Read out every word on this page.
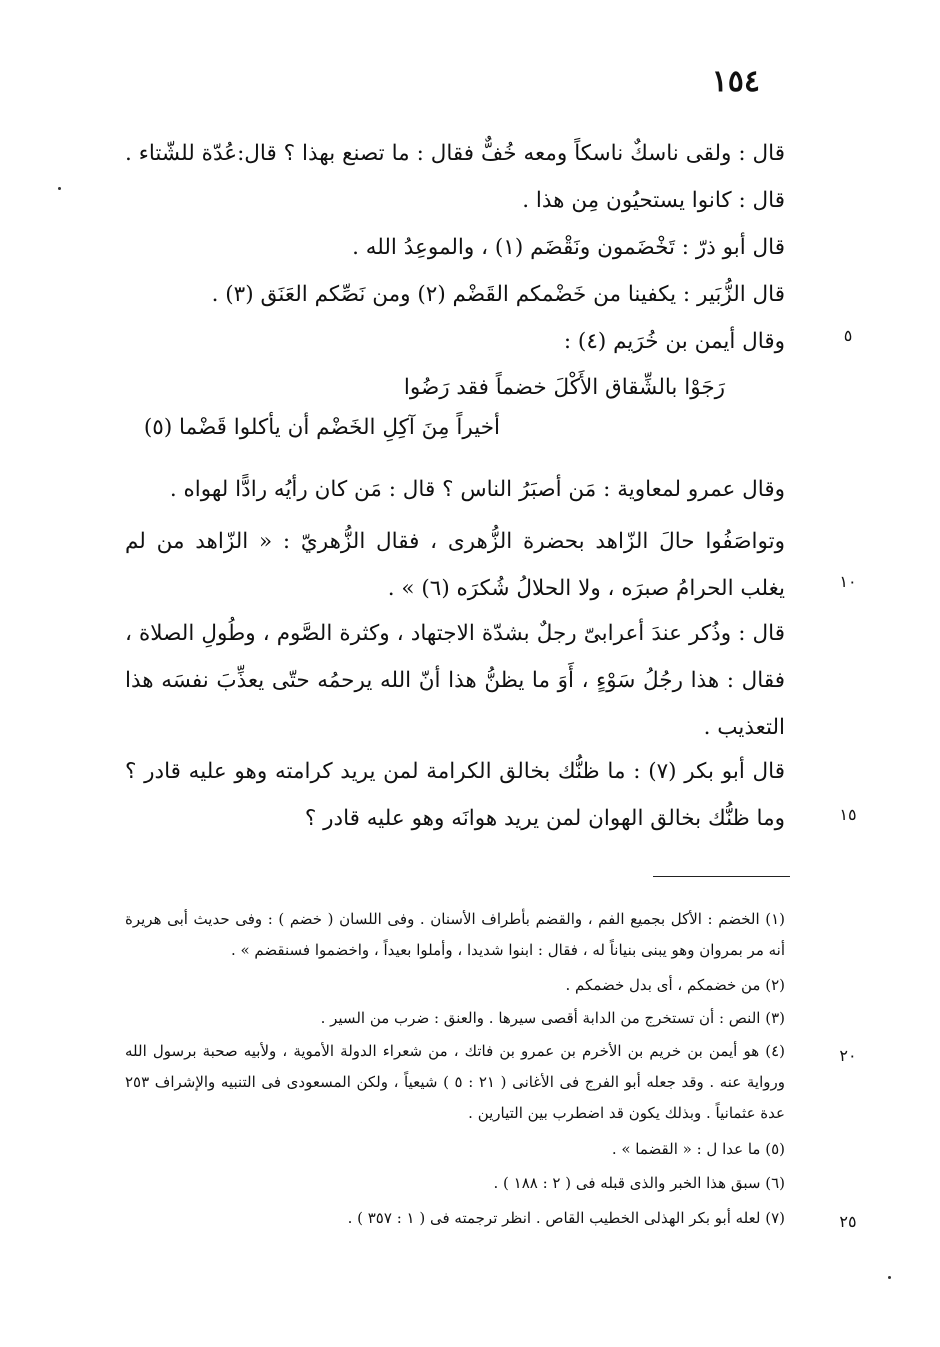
١٥٤

قال : ولقى ناسكٌ ناسكاً ومعه خُفٌّ فقال : ما تصنع بهذا ؟ قال:عُدّة للشّتاء . قال : كانوا يستحيُون مِن هذا .

قال أبو ذرّ : تَخْضَمون ونَقْضَم (١) ، والموعِدُ الله .

قال الزُّبَير : يكفينا من خَضْمكم القَضْم (٢) ومن نَصِّكم العَنَق (٣) .

وقال أيمن بن خُرَيم (٤) :

رَجَوْا بالشِّقاق الأَكْلَ خضماً فقد رَضُوا
أخيراً مِنَ آكِلِ الخَضْم أن يأكلوا قَضْما (٥)

وقال عمرو لمعاوية : مَن أصبَرُ الناس ؟ قال : مَن كان رأيُه رادًّا لهواه .

وتواصَفُوا حالَ الزّاهد بحضرة الزُّهرى ، فقال الزُّهريّ : « الزّاهد من لم يغلب الحرامُ صبرَه ، ولا الحلالُ شُكرَه (٦) » .

قال : وذُكر عندَ أعرابىّ رجلٌ بشدّة الاجتهاد ، وكثرة الصَّوم ، وطُولِ الصلاة ، فقال : هذا رجُلُ سَوْءٍ ، أَوَ ما يظنُّ هذا أنّ الله يرحمُه حتّى يعذِّبَ نفسَه هذا التعذيب .

قال أبو بكر (٧) : ما ظنُّك بخالق الكرامة لمن يريد كرامته وهو عليه قادر ؟ وما ظنُّك بخالق الهوان لمن يريد هوانَه وهو عليه قادر ؟

٥
١٠
١٥
٢٠
٢٥
(١) الخضم : الأكل بجميع الفم ، والقضم بأطراف الأسنان . وفى اللسان ( خضم ) : وفى حديث أبى هريرة أنه مر بمروان وهو يبنى بنياناً له ، فقال : ابنوا شديدا ، وأملوا بعيداً ، واخضموا فسنقضم » .
(٢) من خضمكم ، أى بدل خضمكم .
(٣) النص : أن تستخرج من الدابة أقصى سيرها . والعنق : ضرب من السير .
(٤) هو أيمن بن خريم بن الأخرم بن عمرو بن فاتك ، من شعراء الدولة الأموية ، ولأبيه صحبة برسول الله ورواية عنه . وقد جعله أبو الفرج فى الأغانى ( ٢١ : ٥ ) شيعياً ، ولكن المسعودى فى التنبيه والإشراف ٢٥٣ عدة عثمانياً . وبذلك يكون قد اضطرب بين التيارين .
(٥) ما عدا ل : « القضما » .
(٦) سبق هذا الخبر والذى قبله فى ( ٢ : ١٨٨ ) .
(٧) لعله أبو بكر الهذلى الخطيب القاص . انظر ترجمته فى ( ١ : ٣٥٧ ) .
